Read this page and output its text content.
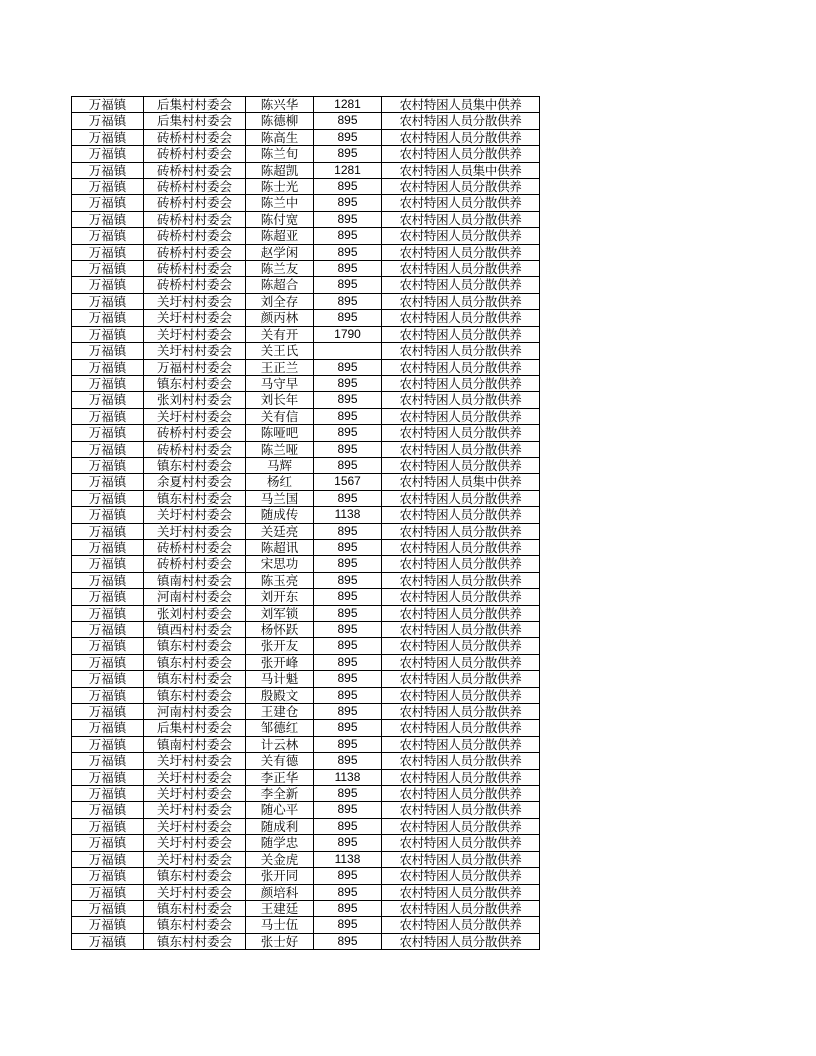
万福镇	后集村村委会	陈兴华	1281	农村特困人员集中供养
万福镇	后集村村委会	陈德柳	895	农村特困人员分散供养
万福镇	砖桥村村委会	陈高生	895	农村特困人员分散供养
万福镇	砖桥村村委会	陈兰旬	895	农村特困人员分散供养
万福镇	砖桥村村委会	陈超凯	1281	农村特困人员集中供养
万福镇	砖桥村村委会	陈士光	895	农村特困人员分散供养
万福镇	砖桥村村委会	陈兰中	895	农村特困人员分散供养
万福镇	砖桥村村委会	陈付宽	895	农村特困人员分散供养
万福镇	砖桥村村委会	陈超亚	895	农村特困人员分散供养
万福镇	砖桥村村委会	赵学闲	895	农村特困人员分散供养
万福镇	砖桥村村委会	陈兰友	895	农村特困人员分散供养
万福镇	砖桥村村委会	陈超合	895	农村特困人员分散供养
万福镇	关圩村村委会	刘全存	895	农村特困人员分散供养
万福镇	关圩村村委会	颜丙林	895	农村特困人员分散供养
万福镇	关圩村村委会	关有开	1790	农村特困人员分散供养
万福镇	关圩村村委会	关王氏		农村特困人员分散供养
万福镇	万福村村委会	王正兰	895	农村特困人员分散供养
万福镇	镇东村村委会	马守早	895	农村特困人员分散供养
万福镇	张刘村村委会	刘长年	895	农村特困人员分散供养
万福镇	关圩村村委会	关有信	895	农村特困人员分散供养
万福镇	砖桥村村委会	陈哑吧	895	农村特困人员分散供养
万福镇	砖桥村村委会	陈兰哑	895	农村特困人员分散供养
万福镇	镇东村村委会	马辉	895	农村特困人员分散供养
万福镇	余夏村村委会	杨红	1567	农村特困人员集中供养
万福镇	镇东村村委会	马兰国	895	农村特困人员分散供养
万福镇	关圩村村委会	随成传	1138	农村特困人员分散供养
万福镇	关圩村村委会	关廷亮	895	农村特困人员分散供养
万福镇	砖桥村村委会	陈超讯	895	农村特困人员分散供养
万福镇	砖桥村村委会	宋思功	895	农村特困人员分散供养
万福镇	镇南村村委会	陈玉亮	895	农村特困人员分散供养
万福镇	河南村村委会	刘开东	895	农村特困人员分散供养
万福镇	张刘村村委会	刘军锁	895	农村特困人员分散供养
万福镇	镇西村村委会	杨怀跃	895	农村特困人员分散供养
万福镇	镇东村村委会	张开友	895	农村特困人员分散供养
万福镇	镇东村村委会	张开峰	895	农村特困人员分散供养
万福镇	镇东村村委会	马计魁	895	农村特困人员分散供养
万福镇	镇东村村委会	殷殿文	895	农村特困人员分散供养
万福镇	河南村村委会	王建仓	895	农村特困人员分散供养
万福镇	后集村村委会	邹德红	895	农村特困人员分散供养
万福镇	镇南村村委会	计云林	895	农村特困人员分散供养
万福镇	关圩村村委会	关有德	895	农村特困人员分散供养
万福镇	关圩村村委会	李正华	1138	农村特困人员分散供养
万福镇	关圩村村委会	李全新	895	农村特困人员分散供养
万福镇	关圩村村委会	随心平	895	农村特困人员分散供养
万福镇	关圩村村委会	随成利	895	农村特困人员分散供养
万福镇	关圩村村委会	随学忠	895	农村特困人员分散供养
万福镇	关圩村村委会	关金虎	1138	农村特困人员分散供养
万福镇	镇东村村委会	张开同	895	农村特困人员分散供养
万福镇	关圩村村委会	颜培科	895	农村特困人员分散供养
万福镇	镇东村村委会	王建廷	895	农村特困人员分散供养
万福镇	镇东村村委会	马士伍	895	农村特困人员分散供养
万福镇	镇东村村委会	张士好	895	农村特困人员分散供养
